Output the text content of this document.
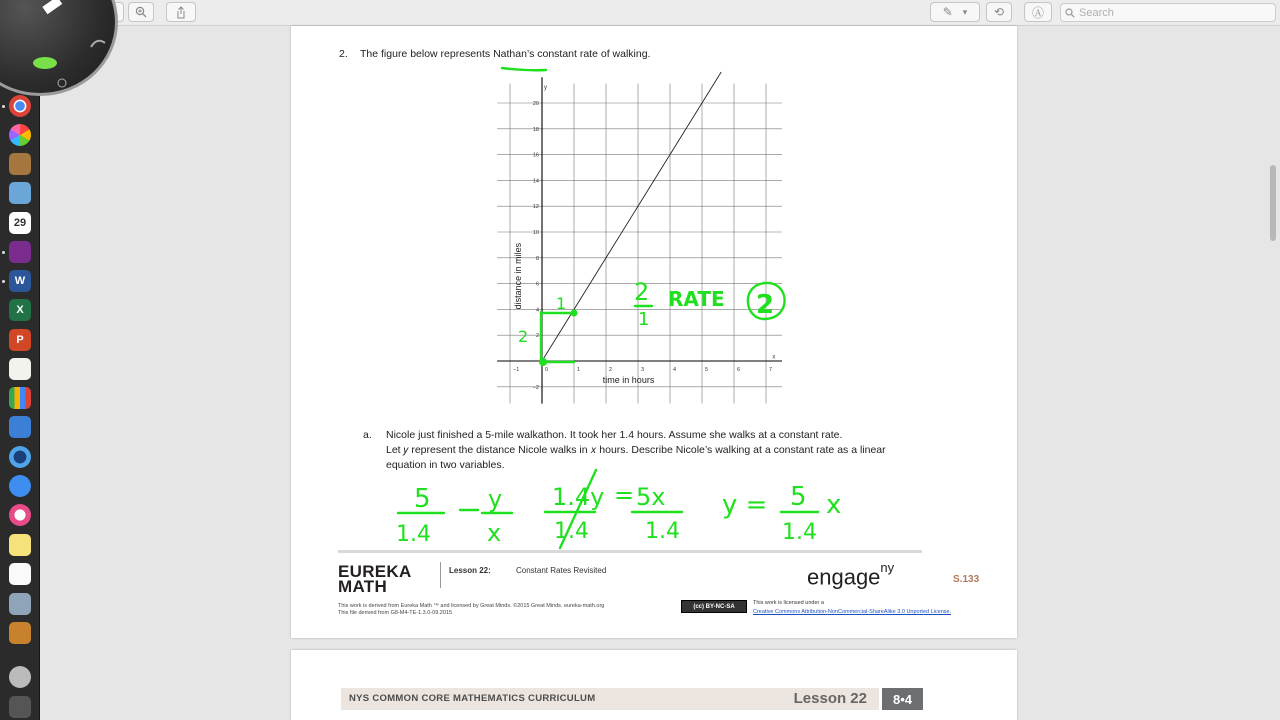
✎ ▾ ⟲ Ⓐ	Search
29
W
X
P
2. The figure below represents Nathan’s constant rate of walking.
−1	0	1	2	3	4	5	6	7
−2
2
4
6
8
10
12
14
16
18
20
y
x
time in hours
distance in miles
a. Nicole just finished a 5-mile walkathon. It took her 1.4 hours. Assume she walks at a constant rate.
Let 𝑦 represent the distance Nicole walks in 𝑥 hours. Describe Nicole’s walking at a constant rate as a linear
equation in two variables.
EUREKA
MATH
Lesson 22:	Constant Rates Revisited	engage$^{ny}$
S.133
This work is derived from Eureka Math ™ and licensed by Great Minds. ©2015 Great Minds. eureka-math.org
This file derived from G8-M4-TE-1.3.0-09.2015
(cc) BY-NC-SA
This work is licensed under a
Creative Commons Attribution-NonCommercial-ShareAlike 3.0 Unported License.
NYS COMMON CORE MATHEMATICS CURRICULUM	Lesson 22	8•4
2
1	2
1
RATE 2
5
1.4
y
x
1.4y
1.4
= 5x
1.4
y = 5
1.4
x
